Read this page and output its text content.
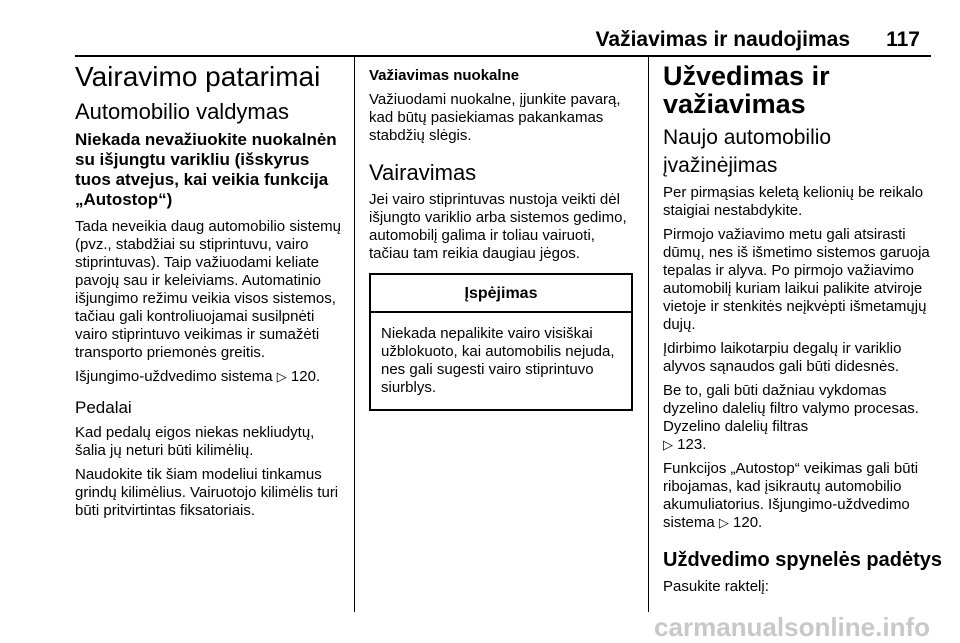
Važiavimas ir naudojimas 117
Vairavimo patarimai
Automobilio valdymas
Niekada nevažiuokite nuokalnėn su išjungtu varikliu (išskyrus tuos atvejus, kai veikia funkcija „Autostop“)

Tada neveikia daug automobilio sistemų (pvz., stabdžiai su stiprintuvu, vairo stiprintuvas). Taip važiuodami keliate pavojų sau ir keleiviams. Automatinio išjungimo režimu veikia visos sistemos, tačiau gali kontroliuojamai susilpnėti vairo stiprintuvo veikimas ir sumažėti transporto priemonės greitis.

Išjungimo-uždvedimo sistema ▷ 120.

Pedalai

Kad pedalų eigos niekas nekliudytų, šalia jų neturi būti kilimėlių.

Naudokite tik šiam modeliui tinkamus grindų kilimėlius. Vairuotojo kilimėlis turi būti pritvirtintas fiksatoriais.

Važiavimas nuokalne

Važiuodami nuokalne, įjunkite pavarą, kad būtų pasiekiamas pakankamas stabdžių slėgis.

Vairavimas

Jei vairo stiprintuvas nustoja veikti dėl išjungto variklio arba sistemos gedimo, automobilį galima ir toliau vairuoti, tačiau tam reikia daugiau jėgos.

Įspėjimas
Niekada nepalikite vairo visiškai užblokuoto, kai automobilis nejuda, nes gali sugesti vairo stiprintuvo siurblys.
Užvedimas ir važiavimas
Naujo automobilio įvažinėjimas

Per pirmąsias keletą kelionių be reikalo staigiai nestabdykite.

Pirmojo važiavimo metu gali atsirasti dūmų, nes iš išmetimo sistemos garuoja tepalas ir alyva. Po pirmojo važiavimo automobilį kuriam laikui palikite atviroje vietoje ir stenkitės neįkvėpti išmetamųjų dujų.

Įdirbimo laikotarpiu degalų ir variklio alyvos sąnaudos gali būti didesnės.

Be to, gali būti dažniau vykdomas dyzelino dalelių filtro valymo procesas. Dyzelino dalelių filtras
▷ 123.

Funkcijos „Autostop“ veikimas gali būti ribojamas, kad įsikrautų automobilio akumuliatorius. Išjungimo-uždvedimo sistema ▷ 120.

Uždvedimo spynelės padėtys

Pasukite raktelį:

carmanualsonline.info
